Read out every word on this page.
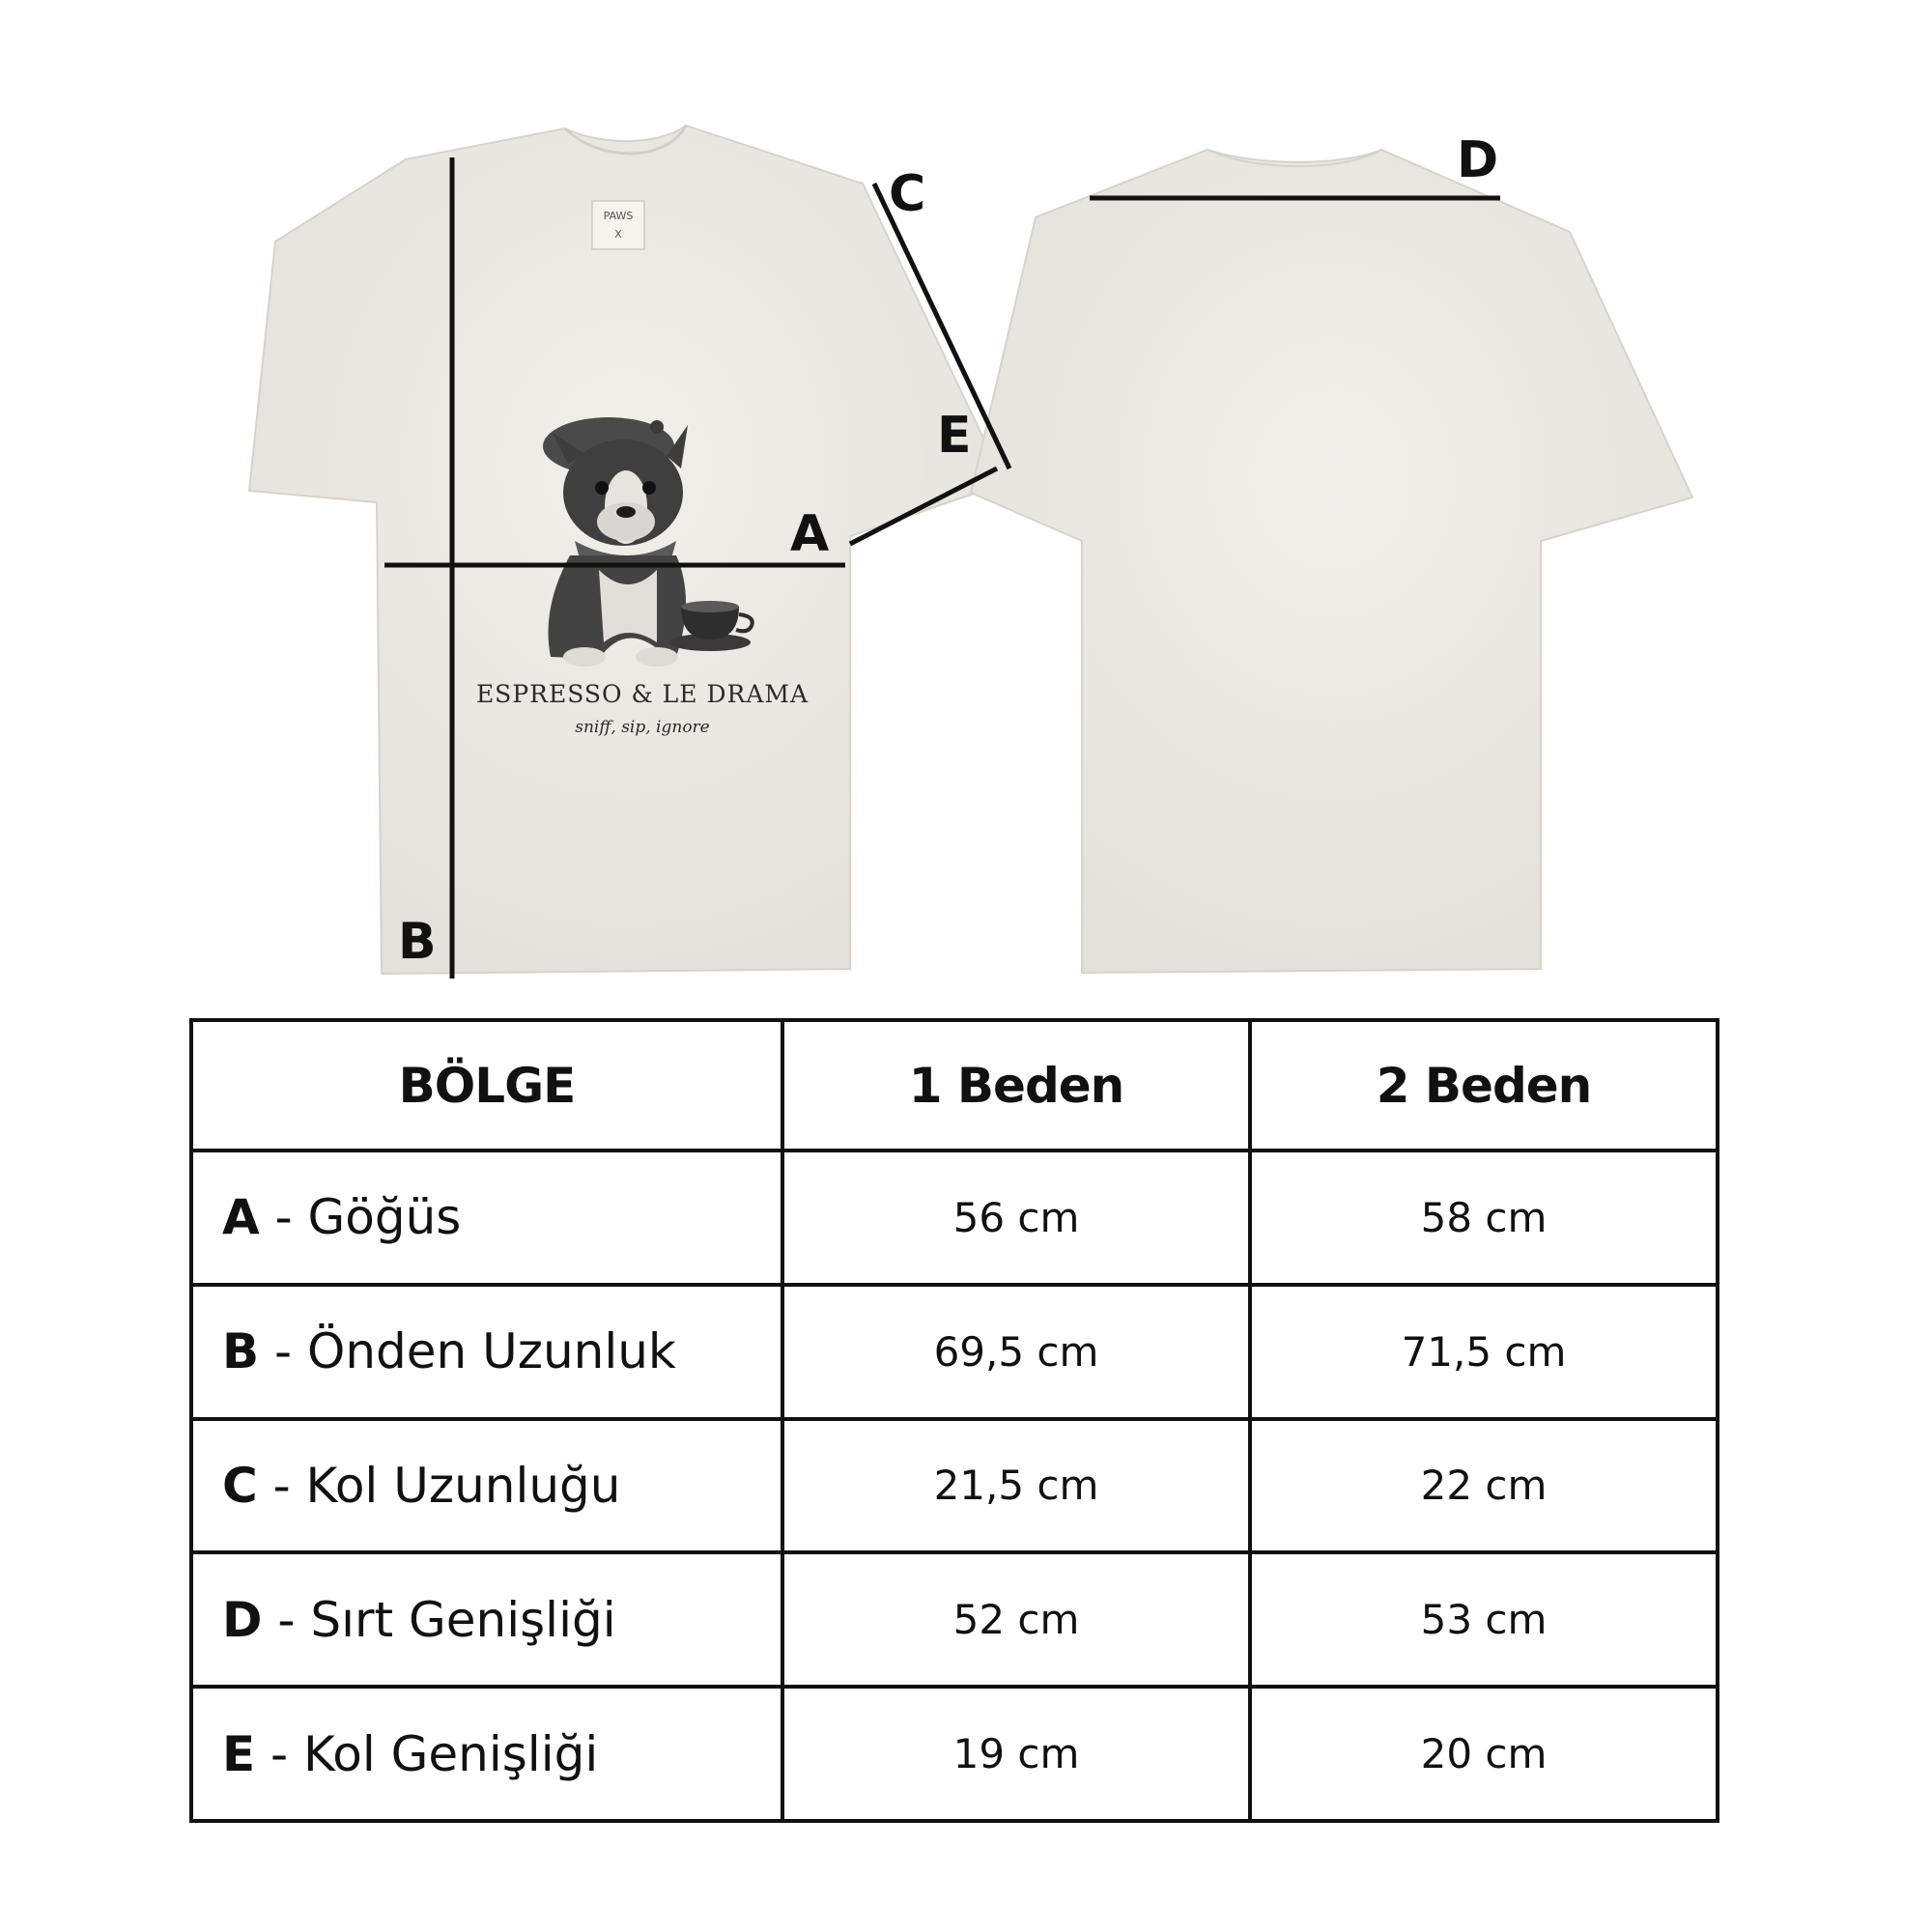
PAWS
X
ESPRESSO & LE DRAMA
sniff, sip, ignore
A
B
C
D
E
BÖLGE	1 Beden	2 Beden
A - Göğüs	56 cm	58 cm
B - Önden Uzunluk	69,5 cm	71,5 cm
C - Kol Uzunluğu	21,5 cm	22 cm
D - Sırt Genişliği	52 cm	53 cm
E - Kol Genişliği	19 cm	20 cm
